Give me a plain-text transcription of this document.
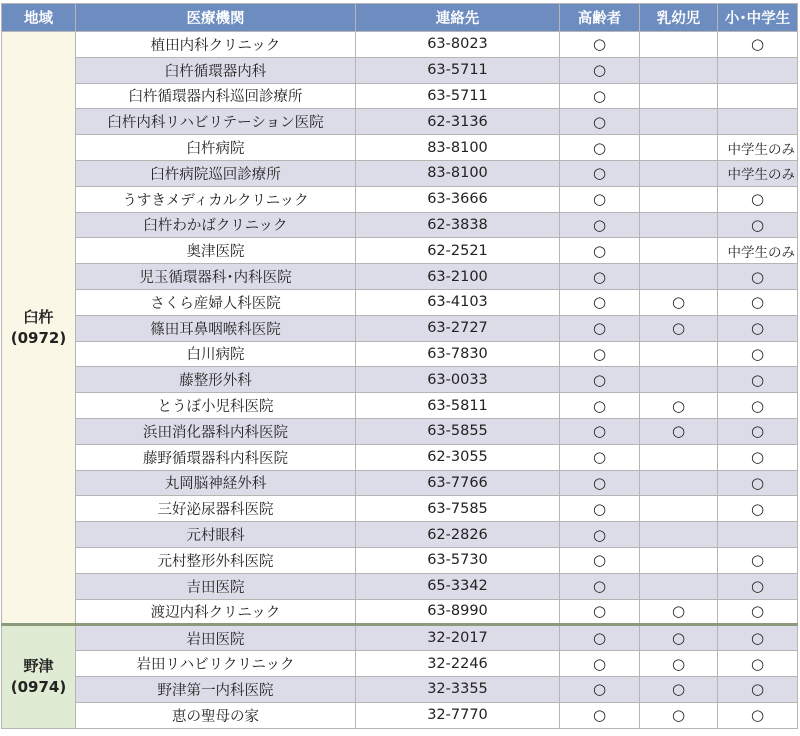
地域	医療機関	連絡先	高齢者	乳幼児	小･中学生

臼杵
(0972)	植田内科クリニック	63-8023	○		○
	臼杵循環器内科	63-5711	○		
	臼杵循環器内科巡回診療所	63-5711	○		
	臼杵内科リハビリテーション医院	62-3136	○		
	臼杵病院	83-8100	○		中学生のみ
	臼杵病院巡回診療所	83-8100	○		中学生のみ
	うすきメディカルクリニック	63-3666	○		○
	臼杵わかばクリニック	62-3838	○		○
	奥津医院	62-2521	○		中学生のみ
	児玉循環器科･内科医院	63-2100	○		○
	さくら産婦人科医院	63-4103	○	○	○
	篠田耳鼻咽喉科医院	63-2727	○	○	○
	白川病院	63-7830	○		○
	藤整形外科	63-0033	○		○
	とうぼ小児科医院	63-5811	○	○	○
	浜田消化器科内科医院	63-5855	○	○	○
	藤野循環器科内科医院	62-3055	○		○
	丸岡脳神経外科	63-7766	○		○
	三好泌尿器科医院	63-7585	○		○
	元村眼科	62-2826	○		
	元村整形外科医院	63-5730	○		○
	吉田医院	65-3342	○		○
	渡辺内科クリニック	63-8990	○	○	○

野津
(0974)	岩田医院	32-2017	○	○	○
	岩田リハビリクリニック	32-2246	○	○	○
	野津第一内科医院	32-3355	○	○	○
	恵の聖母の家	32-7770	○	○	○
